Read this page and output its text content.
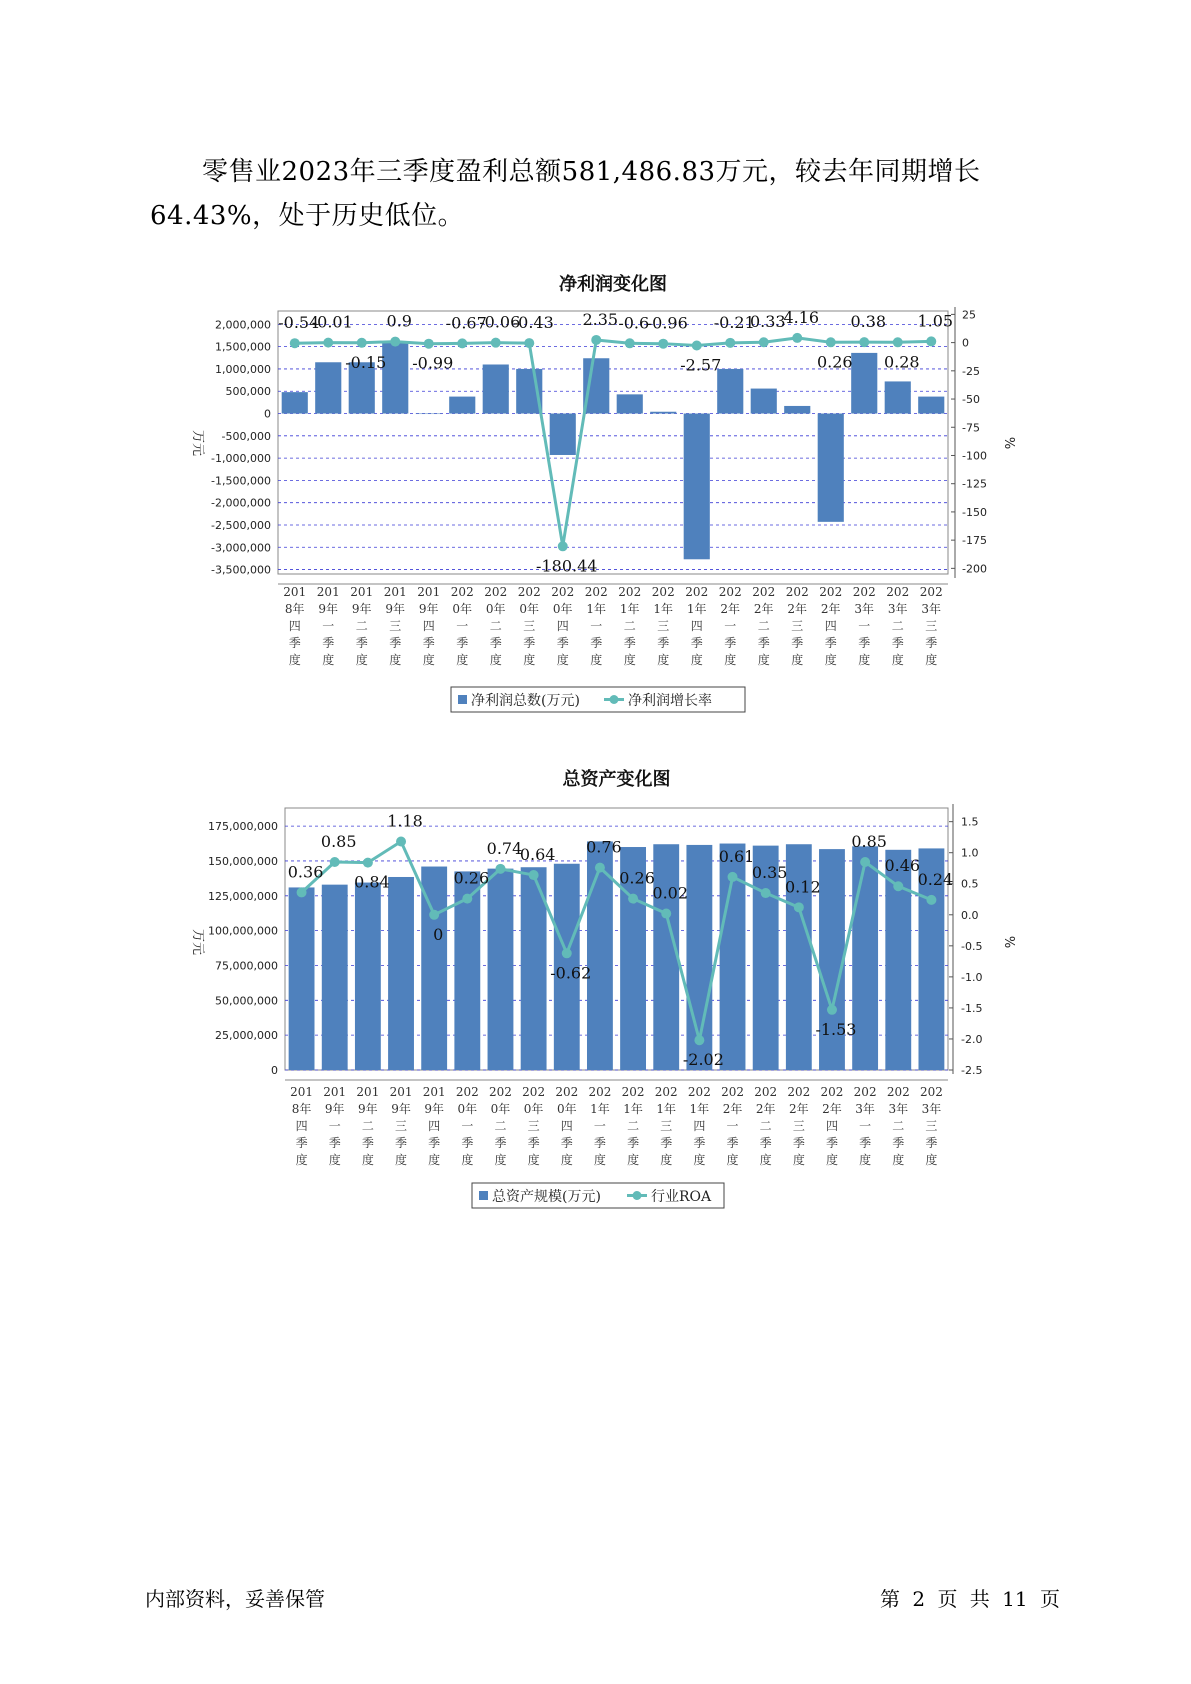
零售业2023年三季度盈利总额581,486.83万元，较去年同期增长64.43%，处于历史低位。

净利润变化图
2,000,000
1,500,000
1,000,000
500,000
0
-500,000
-1,000,000
-1,500,000
-2,000,000
-2,500,000
-3,000,000
-3,500,000
万元
25
0
-25
-50
-75
-100
-125
-150
-175
-200
%
-0.54
-0.01
-0.15
0.9
-0.99
-0.67
-0.06
-0.43
-180.44
2.35 -0.6
-0.96
-2.57
-0.21
0.33
4.16
0.26
0.38
0.28
1.05
201
8年
四
季
度
201
9年
一
季
度
201
9年
二
季
度
201
9年
三
季
度
201
9年
四
季
度
202
0年
一
季
度
202
0年
二
季
度
202
0年
三
季
度
202
0年
四
季
度
202
1年
一
季
度
202
1年
二
季
度
202
1年
三
季
度
202
1年
四
季
度
202
2年
一
季
度
202
2年
二
季
度
202
2年
三
季
度
202
2年
四
季
度
202
3年
一
季
度
202
3年
二
季
度
202
3年
三
季
度
净利润总数(万元)	净利润增长率
总资产变化图
175,000,000
150,000,000
125,000,000
100,000,000
75,000,000
50,000,000
25,000,000
0
万元
1.5
1.0
0.5
0.0
-0.5
-1.0
-1.5
-2.0
-2.5
%
0.36
0.85
0.84
1.18
0
0.26
0.74
0.64
-0.62
0.76
0.26
0.02
-2.02
0.61
0.35
0.12
-1.53
0.85
0.46
0.24
201
8年
四
季
度
201
9年
一
季
度
201
9年
二
季
度
201
9年
三
季
度
201
9年
四
季
度
202
0年
一
季
度
202
0年
二
季
度
202
0年
三
季
度
202
0年
四
季
度
202
1年
一
季
度
202
1年
二
季
度
202
1年
三
季
度
202
1年
四
季
度
202
2年
一
季
度
202
2年
二
季
度
202
2年
三
季
度
202
2年
四
季
度
202
3年
一
季
度
202
3年
二
季
度
202
3年
三
季
度
总资产规模(万元)	行业ROA
内部资料，妥善保管	第 2 页 共 11 页
